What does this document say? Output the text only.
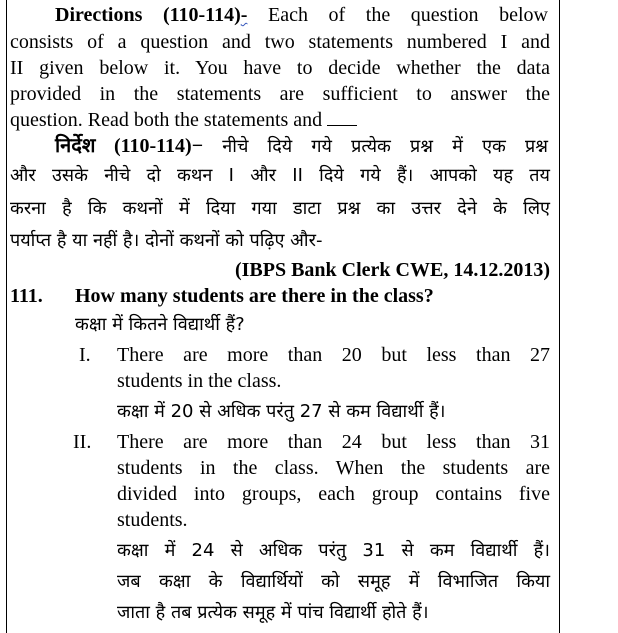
Directions (110-114)- Each of the question below
consists of a question and two statements numbered I and
II given below it. You have to decide whether the data
provided in the statements are sufficient to answer the
question. Read both the statements and
निर्देश (110-114)− नीचे दिये गये प्रत्येक प्रश्न में एक प्रश्न
और उसके नीचे दो कथन I और II दिये गये हैं। आपको यह तय
करना है कि कथनों में दिया गया डाटा प्रश्न का उत्तर देने के लिए
पर्याप्त है या नहीं है। दोनों कथनों को पढ़िए और-
(IBPS Bank Clerk CWE, 14.12.2013)
111.	How many students are there in the class?
कक्षा में कितने विद्यार्थी हैं?
I.	There are more than 20 but less than 27
students in the class.
कक्षा में 20 से अधिक परंतु 27 से कम विद्यार्थी हैं।
II.	There are more than 24 but less than 31
students in the class. When the students are
divided into groups, each group contains five
students.
कक्षा में 24 से अधिक परंतु 31 से कम विद्यार्थी हैं।
जब कक्षा के विद्यार्थियों को समूह में विभाजित किया
जाता है तब प्रत्येक समूह में पांच विद्यार्थी होते हैं।
